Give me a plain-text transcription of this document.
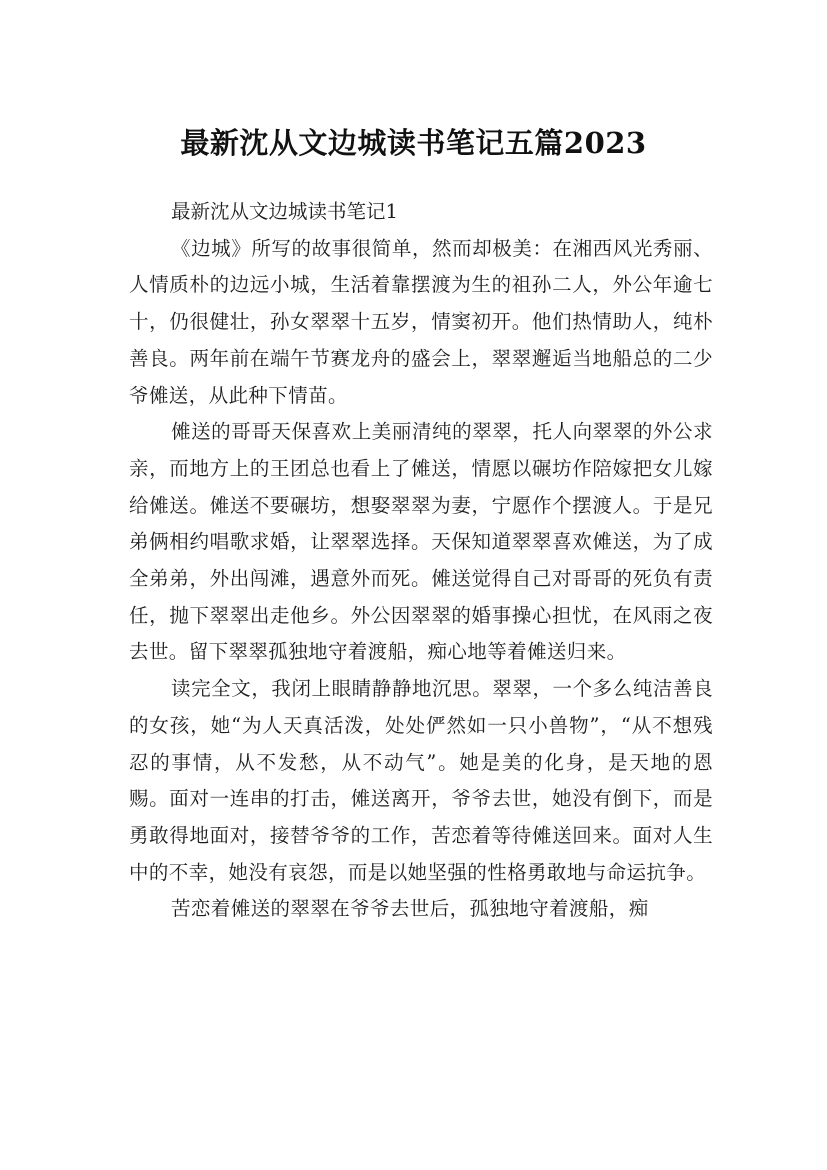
最新沈从文边城读书笔记五篇2023

最新沈从文边城读书笔记1

《边城》所写的故事很简单，然而却极美：在湘西风光秀丽、人情质朴的边远小城，生活着靠摆渡为生的祖孙二人，外公年逾七十，仍很健壮，孙女翠翠十五岁，情窦初开。他们热情助人，纯朴善良。两年前在端午节赛龙舟的盛会上，翠翠邂逅当地船总的二少爷傩送，从此种下情苗。

傩送的哥哥天保喜欢上美丽清纯的翠翠，托人向翠翠的外公求亲，而地方上的王团总也看上了傩送，情愿以碾坊作陪嫁把女儿嫁给傩送。傩送不要碾坊，想娶翠翠为妻，宁愿作个摆渡人。于是兄弟俩相约唱歌求婚，让翠翠选择。天保知道翠翠喜欢傩送，为了成全弟弟，外出闯滩，遇意外而死。傩送觉得自己对哥哥的死负有责任，抛下翠翠出走他乡。外公因翠翠的婚事操心担忧，在风雨之夜去世。留下翠翠孤独地守着渡船，痴心地等着傩送归来。

读完全文，我闭上眼睛静静地沉思。翠翠，一个多么纯洁善良的女孩，她“为人天真活泼，处处俨然如一只小兽物”，“从不想残忍的事情，从不发愁，从不动气”。她是美的化身，是天地的恩赐。面对一连串的打击，傩送离开，爷爷去世，她没有倒下，而是勇敢得地面对，接替爷爷的工作，苦恋着等待傩送回来。面对人生中的不幸，她没有哀怨，而是以她坚强的性格勇敢地与命运抗争。

苦恋着傩送的翠翠在爷爷去世后，孤独地守着渡船，痴
